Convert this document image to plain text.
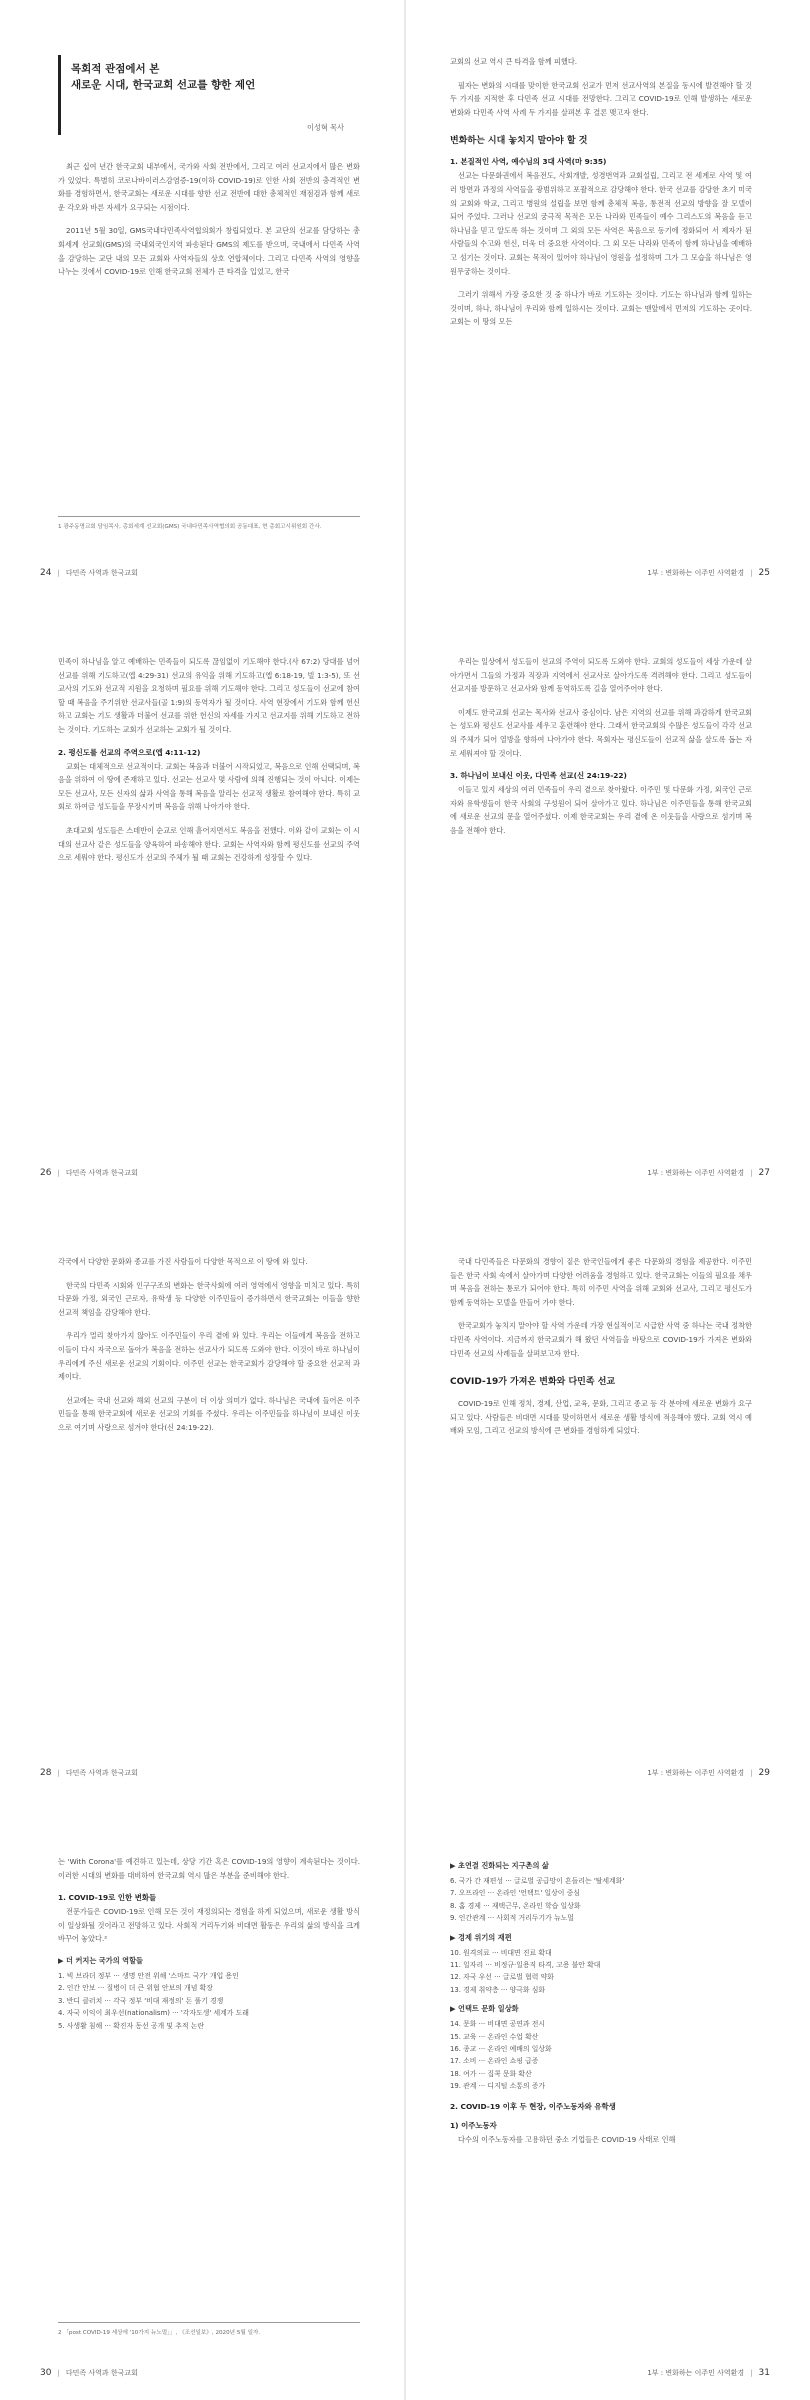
목회적 관점에서 본
새로운 시대, 한국교회 선교를 향한 제언
이성혁 목사

최근 십여 년간 한국교회 내부에서, 국가와 사회 전반에서, 그리고 여러 선교지에서 많은 변화가 있었다. 특별히 코로나바이러스감염증-19(이하 COVID-19)로 인한 사회 전반의 충격적인 변화를 경험하면서, 한국교회는 새로운 시대를 향한 선교 전반에 대한 총체적인 재점검과 함께 새로운 각오와 바른 자세가 요구되는 시점이다.

2011년 5월 30일, GMS국내다민족사역협의회가 창립되었다. 본 교단의 선교를 담당하는 총회세계 선교회(GMS)의 국내외국인지역 파송된다 GMS의 제도를 받으며, 국내에서 다민족 사역을 감당하는 교단 내의 모든 교회와 사역자들의 상호 연합체이다. 그리고 다민족 사역의 영향을 나누는 것에서 COVID-19로 인해 한국교회 전체가 큰 타격을 입었고, 한국

1 광주동명교회 담임목사, 총회세계 선교회(GMS) 국내다민족사역협의회 공동대표, 현 총회고시위원회 간사.
24 | 다민족 사역과 한국교회

교회의 선교 역시 큰 타격을 함께 피했다.

필자는 변화의 시대를 맞이한 한국교회 선교가 먼저 선교사역의 본질을 동시에 발견해야 할 것 두 가지를 지적한 후 다민족 선교 시대를 전망한다. 그리고 COVID-19로 인해 발생하는 새로운 변화와 다민족 사역 사례 두 가지를 살펴본 후 결론 맺고자 한다.

변화하는 시대 놓치지 말아야 할 것
1. 본질적인 사역, 예수님의 3대 사역(마 9:35)

선교는 다문화권에서 복음전도, 사회개발, 성경번역과 교회설립, 그리고 전 세계로 사역 및 여러 방면과 과정의 사역들을 광범위하고 포괄적으로 감당해야 한다. 한국 선교를 감당한 초기 미국의 교회와 학교, 그리고 병원의 설립을 보면 함께 총체적 복음, 통전적 선교의 방향을 잘 모델이 되어 주었다. 그러나 선교의 궁극적 목적은 모든 나라와 민족들이 예수 그리스도의 복음을 듣고 하나님을 믿고 알도록 하는 것이며 그 외의 모든 사역은 복음으로 동기에 정화되어 서 제자가 된 사람들의 수고와 헌신, 더욱 더 중요한 사역이다. 그 외 모든 나라와 민족이 함께 하나님을 예배하고 섬기는 것이다. 교회는 목적이 있어야 하나님이 영원을 설정하며 그가 그 모습을 하나님은 영원무궁하는 것이다.

그러기 위해서 가장 중요한 것 중 하나가 바로 기도하는 것이다. 기도는 하나님과 함께 일하는 것이며, 하나, 하나님이 우리와 함께 일하시는 것이다. 교회는 맨앞에서 먼저의 기도하는 곳이다. 교회는 이 땅의 모든

1부 : 변화하는 이주민 사역환경 | 25

민족이 하나님을 알고 예배하는 민족들이 되도록 끊임없이 기도해야 한다.(사 67:2) 당대를 넘어 선교를 위해 기도하고(엡 4:29-31) 선교의 유익을 위해 기도하고(엡 6:18-19, 빌 1:3-5), 또 선교사의 기도와 선교적 지원을 요청하며 필요를 위해 기도해야 한다. 그리고 성도들이 선교에 참여할 때 복음을 주기위한 선교사들(골 1:9)의 동역자가 될 것이다. 사역 현장에서 기도와 함께 헌신하고 교회는 기도 생활과 더불어 선교를 위한 헌신의 자세를 가지고 선교지를 위해 기도하고 전하는 것이다. 기도하는 교회가 선교하는 교회가 될 것이다.

2. 평신도를 선교의 주역으로(엡 4:11-12)

교회는 대체적으로 선교적이다. 교회는 복음과 더불어 시작되었고, 복음으로 인해 선택되며, 복음을 위하여 이 땅에 존재하고 있다. 선교는 선교사 몇 사람에 의해 진행되는 것이 아니다. 이제는 모든 선교사, 모든 신자의 삶과 사역을 통해 복음을 알리는 선교적 생활로 참여해야 한다. 특히 교회로 하여금 성도들을 무장시키며 복음을 위해 나아가야 한다.

초대교회 성도들은 스데반이 순교로 인해 흩어지면서도 복음을 전했다. 이와 같이 교회는 이 시대의 선교사 같은 성도들을 양육하여 파송해야 한다. 교회는 사역자와 함께 평신도를 선교의 주역으로 세워야 한다. 평신도가 선교의 주체가 될 때 교회는 건강하게 성장할 수 있다.

26 | 다민족 사역과 한국교회

우리는 일상에서 성도들이 선교의 주역이 되도록 도와야 한다. 교회의 성도들이 세상 가운데 살아가면서 그들의 가정과 직장과 지역에서 선교사로 살아가도록 격려해야 한다. 그리고 성도들이 선교지를 방문하고 선교사와 함께 동역하도록 길을 열어주어야 한다.

이제도 한국교회 선교는 목사와 선교사 중심이다. 남은 지역의 선교를 위해 과감하게 한국교회는 성도와 평신도 선교사를 세우고 훈련해야 한다. 그래서 한국교회의 수많은 성도들이 각각 선교의 주체가 되어 열방을 향하여 나아가야 한다. 목회자는 평신도들이 선교적 삶을 살도록 돕는 자로 세워져야 할 것이다.

3. 하나님이 보내신 이웃, 다민족 선교(신 24:19-22)

이들고 있지 세상의 여러 민족들이 우리 곁으로 찾아왔다. 이주민 및 다문화 가정, 외국인 근로자와 유학생들이 한국 사회의 구성원이 되어 살아가고 있다. 하나님은 이주민들을 통해 한국교회에 새로운 선교의 문을 열어주셨다. 이제 한국교회는 우리 곁에 온 이웃들을 사랑으로 섬기며 복음을 전해야 한다.

1부 : 변화하는 이주민 사역환경 | 27

각국에서 다양한 문화와 종교를 가진 사람들이 다양한 목적으로 이 땅에 와 있다.

한국의 다민족 시회와 인구구조의 변화는 한국사회에 여러 영역에서 영향을 미치고 있다. 특히 다문화 가정, 외국인 근로자, 유학생 등 다양한 이주민들이 증가하면서 한국교회는 이들을 향한 선교적 책임을 감당해야 한다.

우리가 멀리 찾아가지 않아도 이주민들이 우리 곁에 와 있다. 우리는 이들에게 복음을 전하고 이들이 다시 자국으로 돌아가 복음을 전하는 선교사가 되도록 도와야 한다. 이것이 바로 하나님이 우리에게 주신 새로운 선교의 기회이다. 이주민 선교는 한국교회가 감당해야 할 중요한 선교적 과제이다.

선교에는 국내 선교와 해외 선교의 구분이 더 이상 의미가 없다. 하나님은 국내에 들어온 이주민들을 통해 한국교회에 새로운 선교의 기회를 주셨다. 우리는 이주민들을 하나님이 보내신 이웃으로 여기며 사랑으로 섬겨야 한다(신 24:19-22).

28 | 다민족 사역과 한국교회

국내 다민족들은 다문화의 경향이 짙은 한국인들에게 좋은 다문화의 경험을 제공한다. 이주민들은 한국 사회 속에서 살아가며 다양한 어려움을 경험하고 있다. 한국교회는 이들의 필요를 채우며 복음을 전하는 통로가 되어야 한다. 특히 이주민 사역을 위해 교회와 선교사, 그리고 평신도가 함께 동역하는 모델을 만들어 가야 한다.

한국교회가 놓치지 말아야 할 사역 가운데 가장 현실적이고 시급한 사역 중 하나는 국내 정착한 다민족 사역이다. 지금까지 한국교회가 해 왔던 사역들을 바탕으로 COVID-19가 가져온 변화와 다민족 선교의 사례들을 살펴보고자 한다.

COVID-19가 가져온 변화와 다민족 선교

COVID-19로 인해 정치, 경제, 산업, 교육, 문화, 그리고 종교 등 각 분야에 새로운 변화가 요구되고 있다. 사람들은 비대면 시대를 맞이하면서 새로운 생활 방식에 적응해야 했다. 교회 역시 예배와 모임, 그리고 선교의 방식에 큰 변화를 경험하게 되었다.

1부 : 변화하는 이주민 사역환경 | 29

는 'With Corona'를 예견하고 있는데, 상당 기간 혹은 COVID-19의 영향이 계속된다는 것이다. 이러한 시대의 변화를 대비하여 한국교회 역시 많은 부분을 준비해야 한다.

1. COVID-19로 인한 변화들

전문가들은 COVID-19로 인해 모든 것이 재정의되는 경험을 하게 되었으며, 새로운 생활 방식이 일상화될 것이라고 전망하고 있다. 사회적 거리두기와 비대면 활동은 우리의 삶의 방식을 크게 바꾸어 놓았다.²

▶ 더 커지는 국가의 역할들
1. 빅 브라더 정부 ··· 생명 안전 위해 '스마트 국가' 개입 용인
2. 인간 안보 ··· 질병이 더 큰 위협 안보의 개념 확장
3. 반디 클러치 ··· 각국 정부 '비대 재정의' 돈 풀기 경쟁
4. 자국 이익이 최우선(nationalism) ··· '각자도생' 세계가 도래
5. 사생활 침해 ··· 확진자 동선 공개 및 추적 논란
2 「post COVID-19 세상에 '10가지 뉴노멀」」, 《조선일보》, 2020년 5월 일자.
30 | 다민족 사역과 한국교회
▶ 초연결 진화되는 지구촌의 삶
6. 국가 간 재편성 ··· 글로벌 공급망이 흔들리는 '탈세계화'
7. 오프라인 ··· 온라인 '언택트' 일상이 중심
8. 홈 경제 ··· 재택근무, 온라인 학습 일상화
9. 인간관계 ··· 사회적 거리두기가 뉴노멀
▶ 경제 위기의 재편
10. 원격의료 ··· 비대면 진료 확대
11. 일자리 ··· 비정규·일용직 타격, 고용 불안 확대
12. 자국 우선 ··· 글로벌 협력 약화
13. 경제 취약층 ··· 양극화 심화
▶ 언택트 문화 일상화
14. 문화 ··· 비대면 공연과 전시
15. 교육 ··· 온라인 수업 확산
16. 종교 ··· 온라인 예배의 일상화
17. 소비 ··· 온라인 쇼핑 급증
18. 여가 ··· 집콕 문화 확산
19. 관계 ··· 디지털 소통의 증가
2. COVID-19 이후 두 현장, 이주노동자와 유학생
1) 이주노동자

다수의 이주노동자를 고용하던 중소 기업들은 COVID-19 사태로 인해

1부 : 변화하는 이주민 사역환경 | 31
